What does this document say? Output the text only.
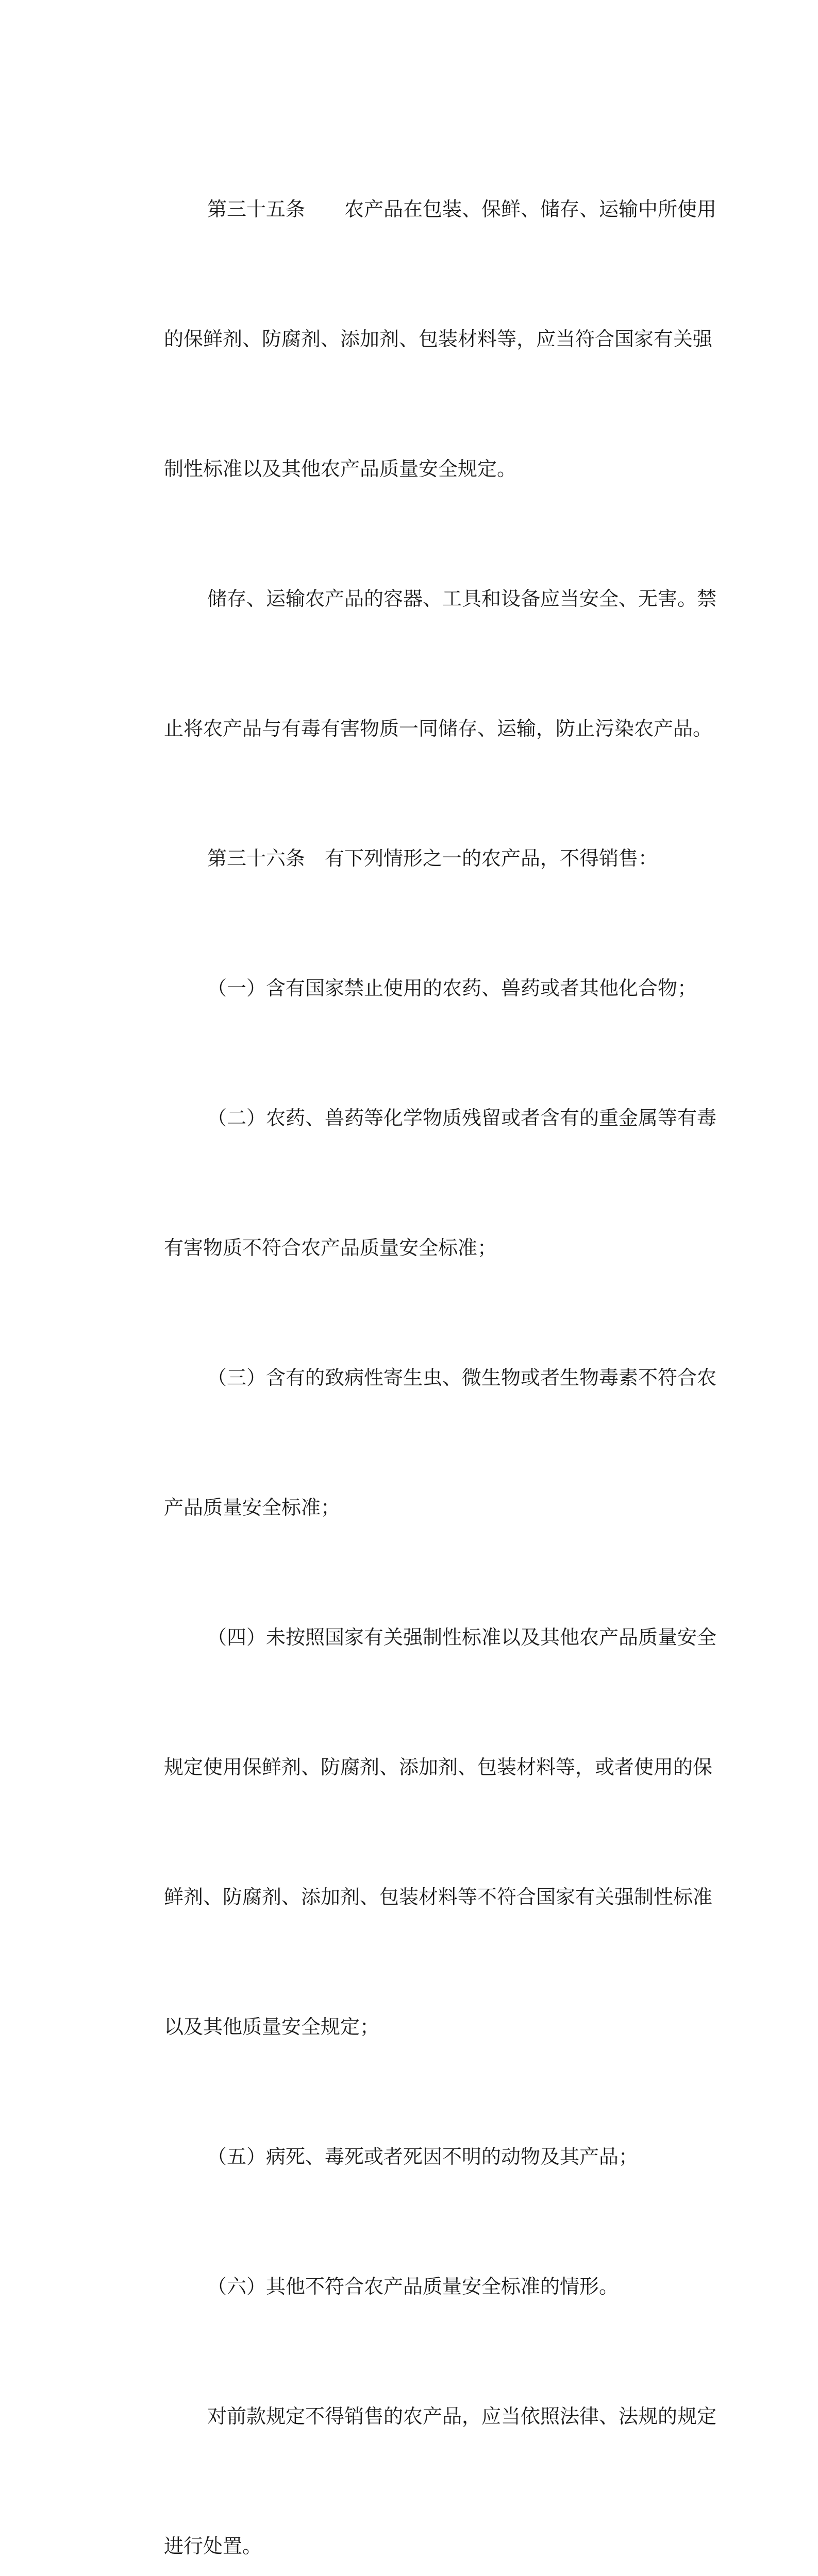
第三十五条　　农产品在包装、保鲜、储存、运输中所使用

的保鲜剂、防腐剂、添加剂、包装材料等，应当符合国家有关强

制性标准以及其他农产品质量安全规定。

储存、运输农产品的容器、工具和设备应当安全、无害。禁

止将农产品与有毒有害物质一同储存、运输，防止污染农产品。

第三十六条　有下列情形之一的农产品，不得销售：

（一）含有国家禁止使用的农药、兽药或者其他化合物；

（二）农药、兽药等化学物质残留或者含有的重金属等有毒

有害物质不符合农产品质量安全标准；

（三）含有的致病性寄生虫、微生物或者生物毒素不符合农

产品质量安全标准；

（四）未按照国家有关强制性标准以及其他农产品质量安全

规定使用保鲜剂、防腐剂、添加剂、包装材料等，或者使用的保

鲜剂、防腐剂、添加剂、包装材料等不符合国家有关强制性标准

以及其他质量安全规定；

（五）病死、毒死或者死因不明的动物及其产品；

（六）其他不符合农产品质量安全标准的情形。

对前款规定不得销售的农产品，应当依照法律、法规的规定

进行处置。
